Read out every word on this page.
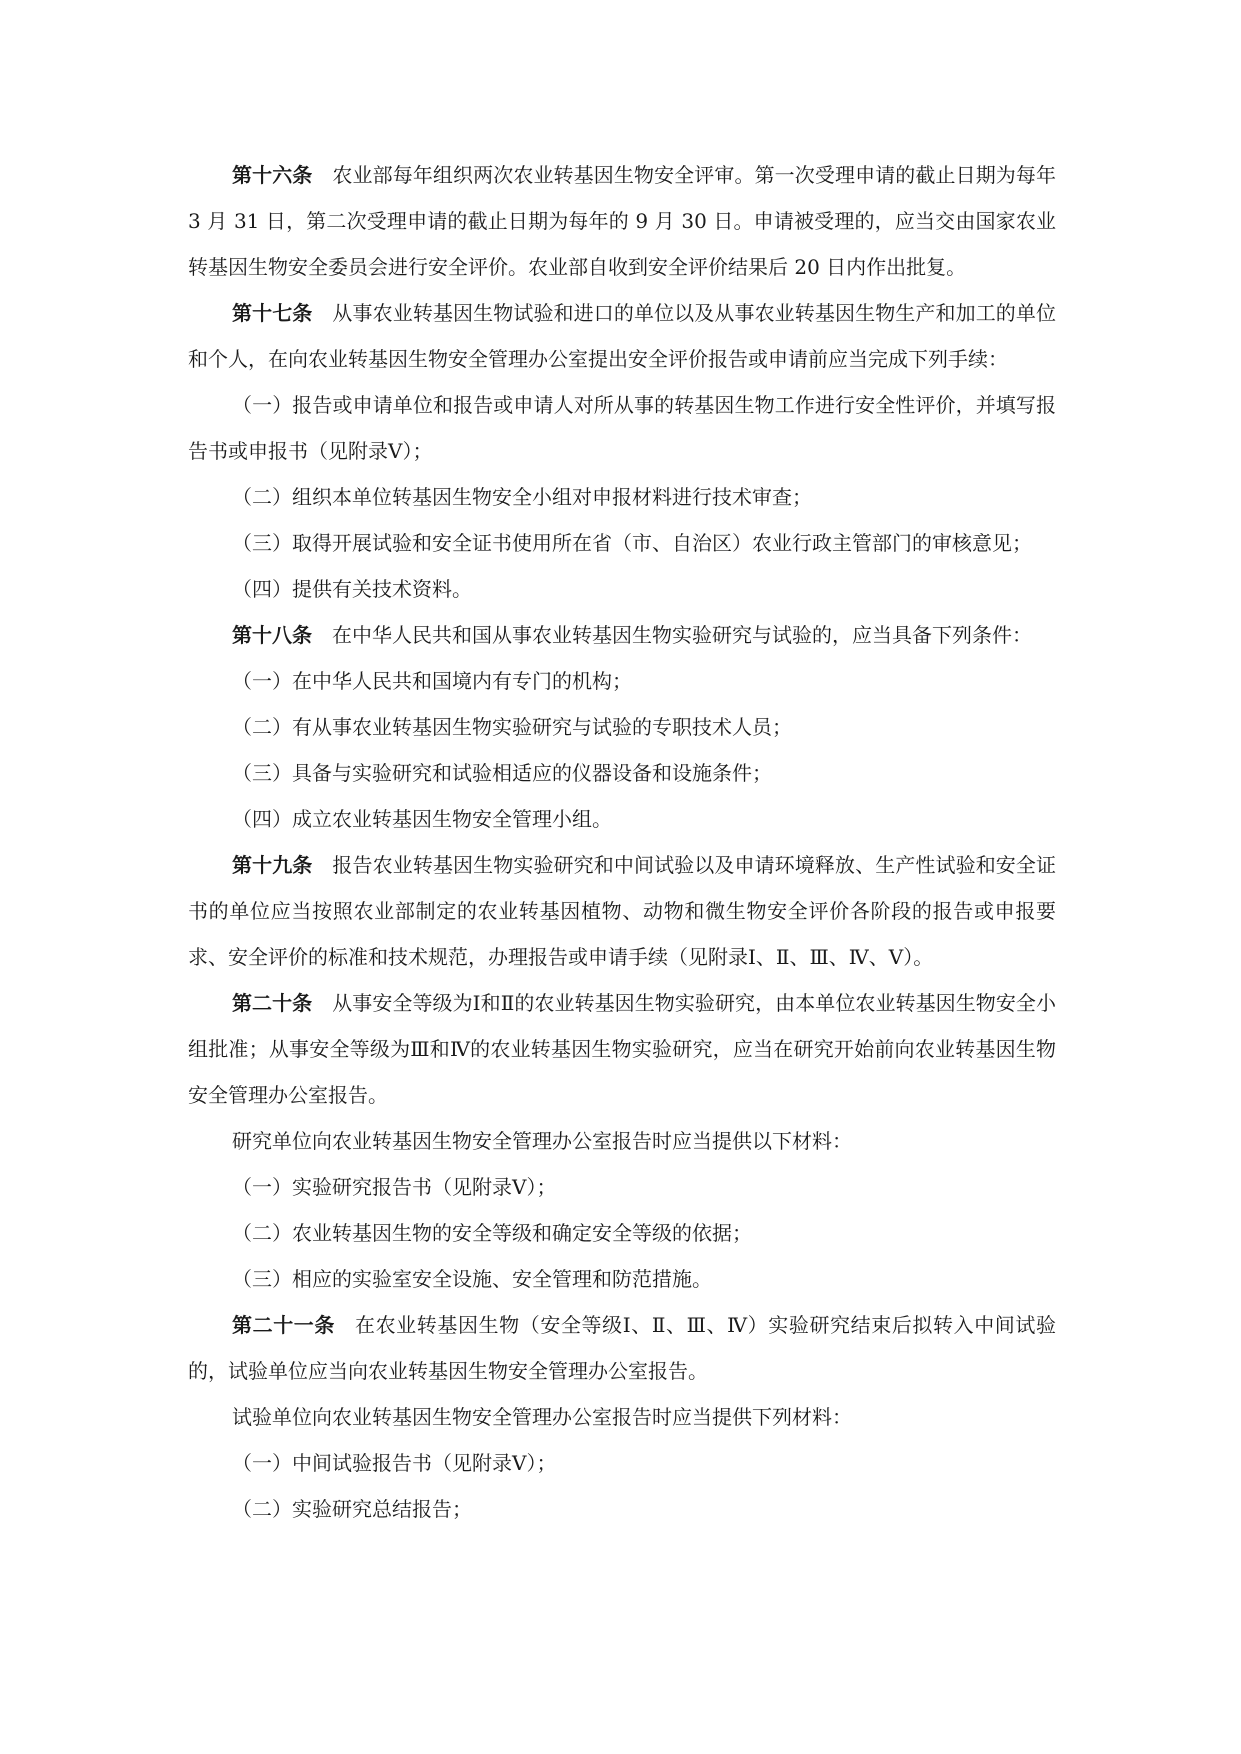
第十六条 农业部每年组织两次农业转基因生物安全评审。第一次受理申请的截止日期为每年 3 月 31 日，第二次受理申请的截止日期为每年的 9 月 30 日。申请被受理的，应当交由国家农业转基因生物安全委员会进行安全评价。农业部自收到安全评价结果后 20 日内作出批复。

第十七条 从事农业转基因生物试验和进口的单位以及从事农业转基因生物生产和加工的单位和个人，在向农业转基因生物安全管理办公室提出安全评价报告或申请前应当完成下列手续：

（一）报告或申请单位和报告或申请人对所从事的转基因生物工作进行安全性评价，并填写报告书或申报书（见附录Ⅴ）；

（二）组织本单位转基因生物安全小组对申报材料进行技术审查；

（三）取得开展试验和安全证书使用所在省（市、自治区）农业行政主管部门的审核意见；

（四）提供有关技术资料。

第十八条 在中华人民共和国从事农业转基因生物实验研究与试验的，应当具备下列条件：

（一）在中华人民共和国境内有专门的机构；

（二）有从事农业转基因生物实验研究与试验的专职技术人员；

（三）具备与实验研究和试验相适应的仪器设备和设施条件；

（四）成立农业转基因生物安全管理小组。

第十九条 报告农业转基因生物实验研究和中间试验以及申请环境释放、生产性试验和安全证书的单位应当按照农业部制定的农业转基因植物、动物和微生物安全评价各阶段的报告或申报要求、安全评价的标准和技术规范，办理报告或申请手续（见附录Ⅰ、Ⅱ、Ⅲ、Ⅳ、Ⅴ）。

第二十条 从事安全等级为Ⅰ和Ⅱ的农业转基因生物实验研究，由本单位农业转基因生物安全小组批准；从事安全等级为Ⅲ和Ⅳ的农业转基因生物实验研究，应当在研究开始前向农业转基因生物安全管理办公室报告。

研究单位向农业转基因生物安全管理办公室报告时应当提供以下材料：

（一）实验研究报告书（见附录Ⅴ）；

（二）农业转基因生物的安全等级和确定安全等级的依据；

（三）相应的实验室安全设施、安全管理和防范措施。

第二十一条 在农业转基因生物（安全等级Ⅰ、Ⅱ、Ⅲ、Ⅳ）实验研究结束后拟转入中间试验的，试验单位应当向农业转基因生物安全管理办公室报告。

试验单位向农业转基因生物安全管理办公室报告时应当提供下列材料：

（一）中间试验报告书（见附录Ⅴ）；

（二）实验研究总结报告；
